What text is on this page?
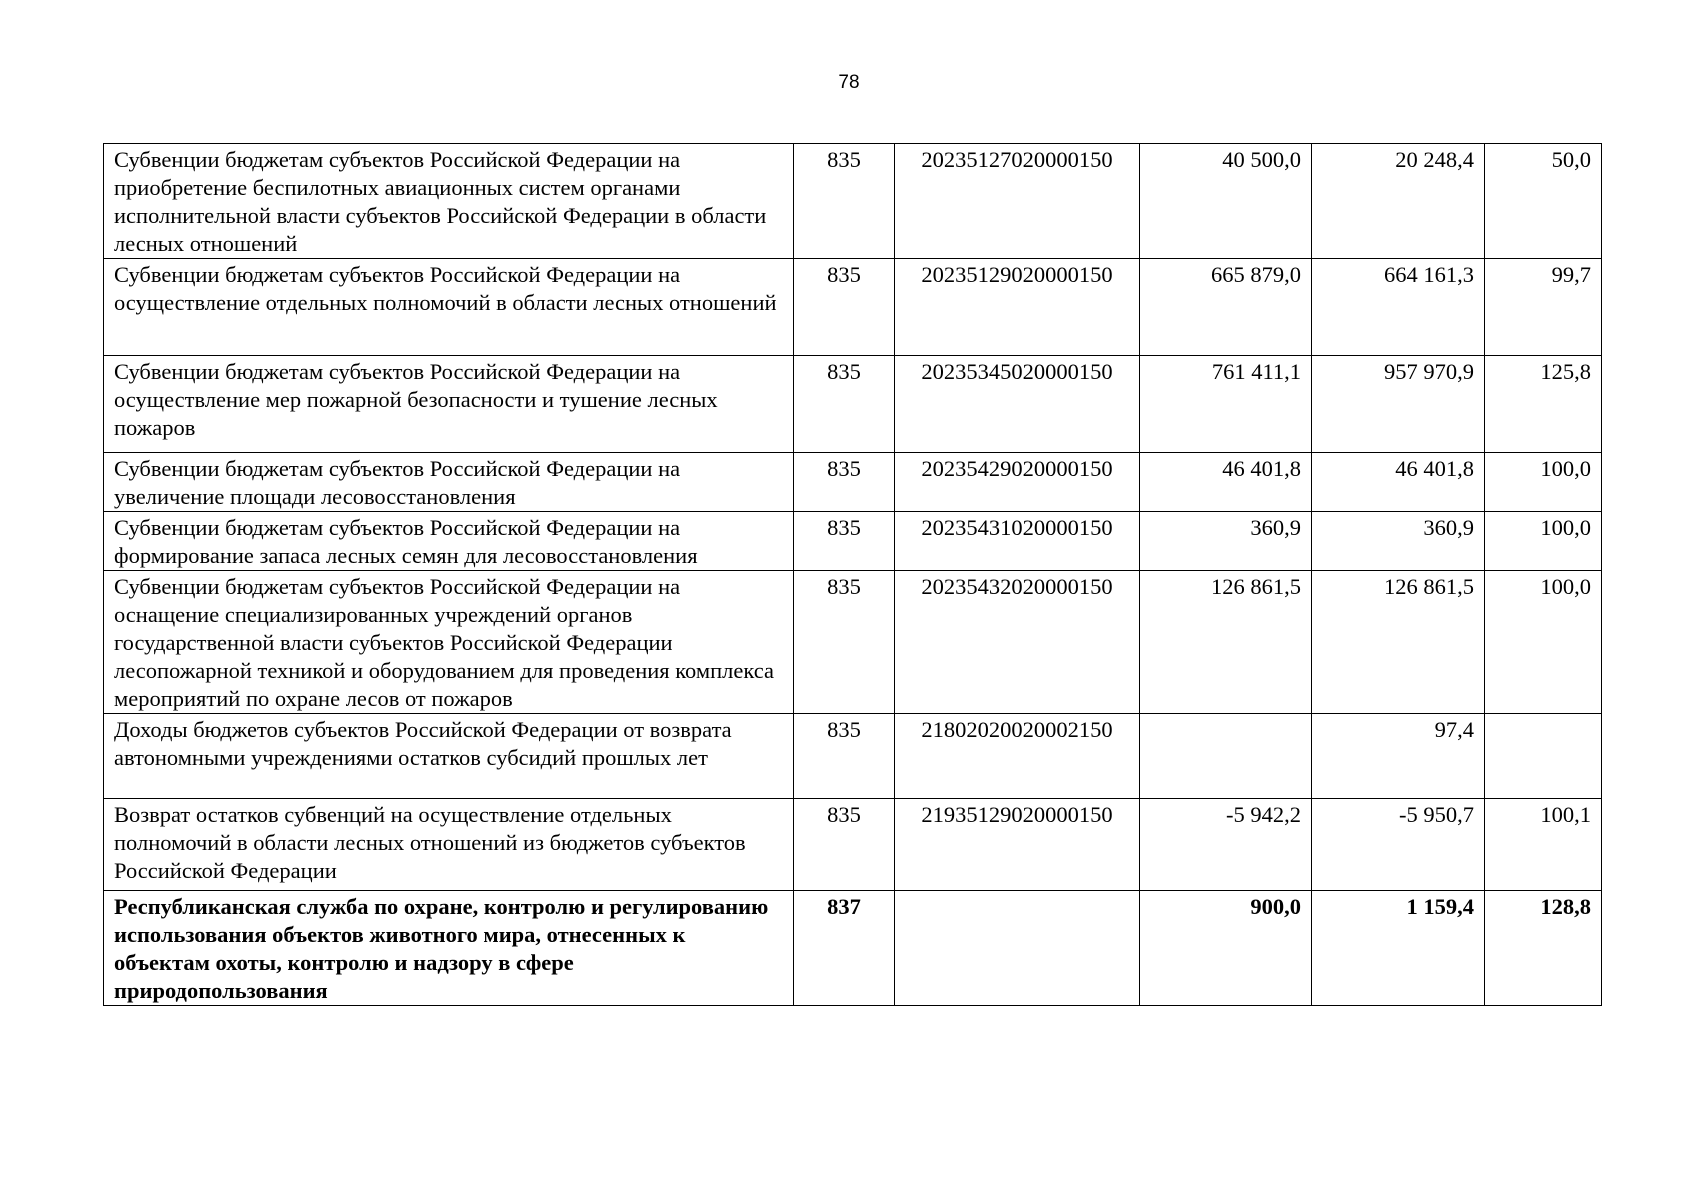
78
Субвенции бюджетам субъектов Российской Федерации на приобретение беспилотных авиационных систем органами исполнительной власти субъектов Российской Федерации в области лесных отношений	835	20235127020000150	40 500,0	20 248,4	50,0
Субвенции бюджетам субъектов Российской Федерации на осуществление отдельных полномочий в области лесных отношений	835	20235129020000150	665 879,0	664 161,3	99,7
Субвенции бюджетам субъектов Российской Федерации на осуществление мер пожарной безопасности и тушение лесных пожаров	835	20235345020000150	761 411,1	957 970,9	125,8
Субвенции бюджетам субъектов Российской Федерации на увеличение площади лесовосстановления	835	20235429020000150	46 401,8	46 401,8	100,0
Субвенции бюджетам субъектов Российской Федерации на формирование запаса лесных семян для лесовосстановления	835	20235431020000150	360,9	360,9	100,0
Субвенции бюджетам субъектов Российской Федерации на оснащение специализированных учреждений органов государственной власти субъектов Российской Федерации лесопожарной техникой и оборудованием для проведения комплекса мероприятий по охране лесов от пожаров	835	20235432020000150	126 861,5	126 861,5	100,0
Доходы бюджетов субъектов Российской Федерации от возврата автономными учреждениями остатков субсидий прошлых лет	835	21802020020002150		97,4	
Возврат остатков субвенций на осуществление отдельных полномочий в области лесных отношений из бюджетов субъектов Российской Федерации	835	21935129020000150	-5 942,2	-5 950,7	100,1
Республиканская служба по охране, контролю и регулированию использования объектов животного мира, отнесенных к объектам охоты, контролю и надзору в сфере природопользования	837		900,0	1 159,4	128,8
